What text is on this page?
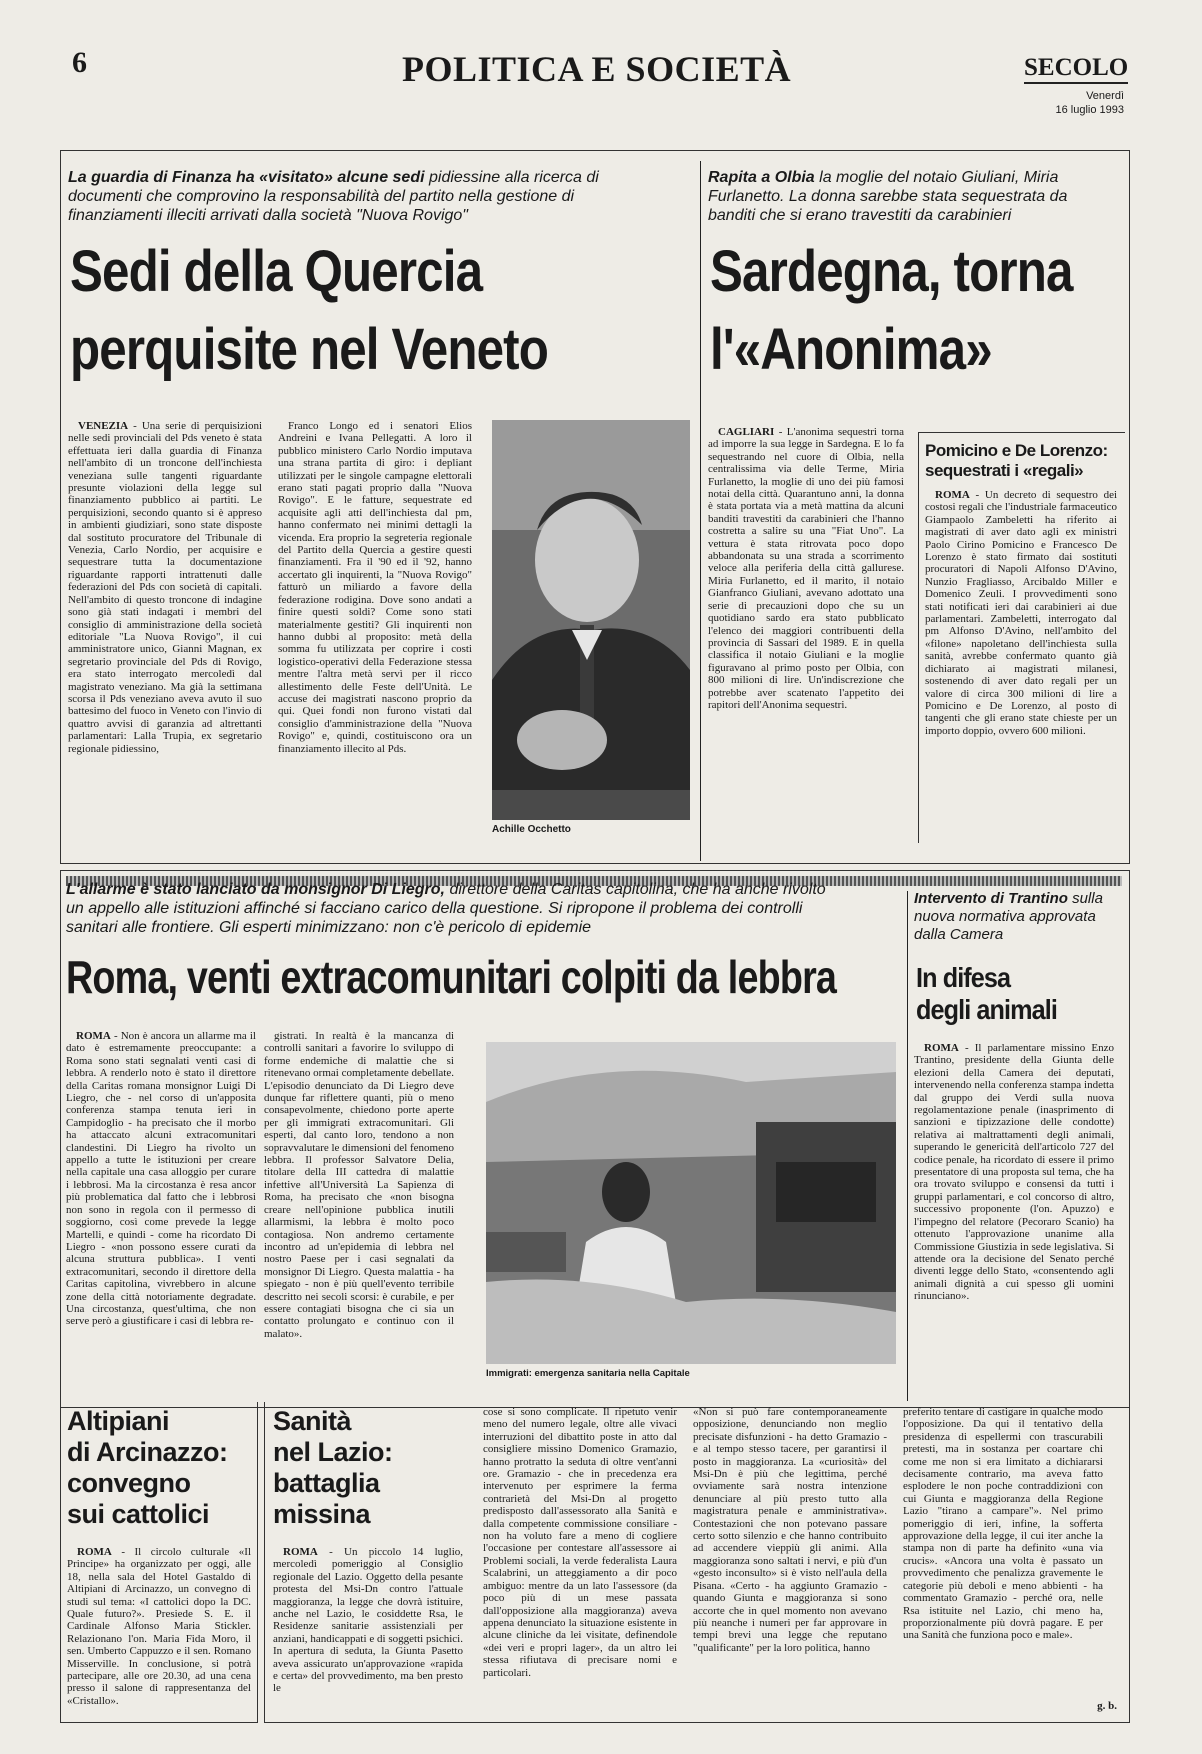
6	POLITICA E SOCIETÀ	SECOLO
Venerdì
16 luglio 1993
La guardia di Finanza ha «visitato» alcune sedi pidiessine alla ricerca di documenti che comprovino la responsabilità del partito nella gestione di finanziamenti illeciti arrivati dalla società "Nuova Rovigo"
Sedi della Quercia
perquisite nel Veneto

VENEZIA - Una serie di perquisizioni nelle sedi provinciali del Pds veneto è stata effettuata ieri dalla guardia di Finanza nell'ambito di un troncone dell'inchiesta veneziana sulle tangenti riguardante presunte violazioni della legge sul finanziamento pubblico ai partiti. Le perquisizioni, secondo quanto si è appreso in ambienti giudiziari, sono state disposte dal sostituto procuratore del Tribunale di Venezia, Carlo Nordio, per acquisire e sequestrare tutta la documentazione riguardante rapporti intrattenuti dalle federazioni del Pds con società di capitali. Nell'ambito di questo troncone di indagine sono già stati indagati i membri del consiglio di amministrazione della società editoriale "La Nuova Rovigo", il cui amministratore unico, Gianni Magnan, ex segretario provinciale del Pds di Rovigo, era stato interrogato mercoledì dal magistrato veneziano. Ma già la settimana scorsa il Pds veneziano aveva avuto il suo battesimo del fuoco in Veneto con l'invio di quattro avvisi di garanzia ad altrettanti parlamentari: Lalla Trupia, ex segretario regionale pidiessino,

Franco Longo ed i senatori Elios Andreini e Ivana Pellegatti. A loro il pubblico ministero Carlo Nordio imputava una strana partita di giro: i depliant utilizzati per le singole campagne elettorali erano stati pagati proprio dalla "Nuova Rovigo". E le fatture, sequestrate ed acquisite agli atti dell'inchiesta dal pm, hanno confermato nei minimi dettagli la vicenda. Era proprio la segreteria regionale del Partito della Quercia a gestire questi finanziamenti. Fra il '90 ed il '92, hanno accertato gli inquirenti, la "Nuova Rovigo" fatturò un miliardo a favore della federazione rodigina. Dove sono andati a finire questi soldi? Come sono stati materialmente gestiti? Gli inquirenti non hanno dubbi al proposito: metà della somma fu utilizzata per coprire i costi logistico-operativi della Federazione stessa mentre l'altra metà servì per il ricco allestimento delle Feste dell'Unità. Le accuse dei magistrati nascono proprio da qui. Quei fondi non furono vistati dal consiglio d'amministrazione della "Nuova Rovigo" e, quindi, costituiscono ora un finanziamento illecito al Pds.

Achille Occhetto
Rapita a Olbia la moglie del notaio Giuliani, Miria Furlanetto. La donna sarebbe stata sequestrata da banditi che si erano travestiti da carabinieri
Sardegna, torna
l'«Anonima»

CAGLIARI - L'anonima sequestri torna ad imporre la sua legge in Sardegna. E lo fa sequestrando nel cuore di Olbia, nella centralissima via delle Terme, Miria Furlanetto, la moglie di uno dei più famosi notai della città. Quarantuno anni, la donna è stata portata via a metà mattina da alcuni banditi travestiti da carabinieri che l'hanno costretta a salire su una "Fiat Uno". La vettura è stata ritrovata poco dopo abbandonata su una strada a scorrimento veloce alla periferia della città gallurese. Miria Furlanetto, ed il marito, il notaio Gianfranco Giuliani, avevano adottato una serie di precauzioni dopo che su un quotidiano sardo era stato pubblicato l'elenco dei maggiori contribuenti della provincia di Sassari del 1989. E in quella classifica il notaio Giuliani e la moglie figuravano al primo posto per Olbia, con 800 milioni di lire. Un'indiscrezione che potrebbe aver scatenato l'appetito dei rapitori dell'Anonima sequestri.

Pomicino e De Lorenzo:
sequestrati i «regali»

ROMA - Un decreto di sequestro dei costosi regali che l'industriale farmaceutico Giampaolo Zambeletti ha riferito ai magistrati di aver dato agli ex ministri Paolo Cirino Pomicino e Francesco De Lorenzo è stato firmato dai sostituti procuratori di Napoli Alfonso D'Avino, Nunzio Fragliasso, Arcibaldo Miller e Domenico Zeuli. I provvedimenti sono stati notificati ieri dai carabinieri ai due parlamentari. Zambeletti, interrogato dal pm Alfonso D'Avino, nell'ambito del «filone» napoletano dell'inchiesta sulla sanità, avrebbe confermato quanto già dichiarato ai magistrati milanesi, sostenendo di aver dato regali per un valore di circa 300 milioni di lire a Pomicino e De Lorenzo, al posto di tangenti che gli erano state chieste per un importo doppio, ovvero 600 milioni.

L'allarme è stato lanciato da monsignor Di Liegro, direttore della Caritas capitolina, che ha anche rivolto un appello alle istituzioni affinché si facciano carico della questione. Si ripropone il problema dei controlli sanitari alle frontiere. Gli esperti minimizzano: non c'è pericolo di epidemie
Roma, venti extracomunitari colpiti da lebbra

ROMA - Non è ancora un allarme ma il dato è estremamente preoccupante: a Roma sono stati segnalati venti casi di lebbra. A renderlo noto è stato il direttore della Caritas romana monsignor Luigi Di Liegro, che - nel corso di un'apposita conferenza stampa tenuta ieri in Campidoglio - ha precisato che il morbo ha attaccato alcuni extracomunitari clandestini. Di Liegro ha rivolto un appello a tutte le istituzioni per creare nella capitale una casa alloggio per curare i lebbrosi. Ma la circostanza è resa ancor più problematica dal fatto che i lebbrosi non sono in regola con il permesso di soggiorno, così come prevede la legge Martelli, e quindi - come ha ricordato Di Liegro - «non possono essere curati da alcuna struttura pubblica». I venti extracomunitari, secondo il direttore della Caritas capitolina, vivrebbero in alcune zone della città notoriamente degradate. Una circostanza, quest'ultima, che non serve però a giustificare i casi di lebbra re-

gistrati. In realtà è la mancanza di controlli sanitari a favorire lo sviluppo di forme endemiche di malattie che si ritenevano ormai completamente debellate. L'episodio denunciato da Di Liegro deve dunque far riflettere quanti, più o meno consapevolmente, chiedono porte aperte per gli immigrati extracomunitari. Gli esperti, dal canto loro, tendono a non sopravvalutare le dimensioni del fenomeno lebbra. Il professor Salvatore Delia, titolare della III cattedra di malattie infettive all'Università La Sapienza di Roma, ha precisato che «non bisogna creare nell'opinione pubblica inutili allarmismi, la lebbra è molto poco contagiosa. Non andremo certamente incontro ad un'epidemia di lebbra nel nostro Paese per i casi segnalati da monsignor Di Liegro. Questa malattia - ha spiegato - non è più quell'evento terribile descritto nei secoli scorsi: è curabile, e per essere contagiati bisogna che ci sia un contatto prolungato e continuo con il malato».

Immigrati: emergenza sanitaria nella Capitale
Intervento di Trantino sulla nuova normativa approvata dalla Camera
In difesa
degli animali

ROMA - Il parlamentare missino Enzo Trantino, presidente della Giunta delle elezioni della Camera dei deputati, intervenendo nella conferenza stampa indetta dal gruppo dei Verdi sulla nuova regolamentazione penale (inasprimento di sanzioni e tipizzazione delle condotte) relativa ai maltrattamenti degli animali, superando le genericità dell'articolo 727 del codice penale, ha ricordato di essere il primo presentatore di una proposta sul tema, che ha ora trovato sviluppo e consensi da tutti i gruppi parlamentari, e col concorso di altro, successivo proponente (l'on. Apuzzo) e l'impegno del relatore (Pecoraro Scanio) ha ottenuto l'approvazione unanime alla Commissione Giustizia in sede legislativa. Si attende ora la decisione del Senato perché diventi legge dello Stato, «consentendo agli animali dignità a cui spesso gli uomini rinunciano».

Altipiani
di Arcinazzo:
convegno
sui cattolici

ROMA - Il circolo culturale «Il Principe» ha organizzato per oggi, alle 18, nella sala del Hotel Gastaldo di Altipiani di Arcinazzo, un convegno di studi sul tema: «I cattolici dopo la DC. Quale futuro?». Presiede S. E. il Cardinale Alfonso Maria Stickler. Relazionano l'on. Maria Fida Moro, il sen. Umberto Cappuzzo e il sen. Romano Misserville. In conclusione, si potrà partecipare, alle ore 20.30, ad una cena presso il salone di rappresentanza del «Cristallo».

Sanità
nel Lazio:
battaglia
missina

ROMA - Un piccolo 14 luglio, mercoledì pomeriggio al Consiglio regionale del Lazio. Oggetto della pesante protesta del Msi-Dn contro l'attuale maggioranza, la legge che dovrà istituire, anche nel Lazio, le cosiddette Rsa, le Residenze sanitarie assistenziali per anziani, handicappati e di soggetti psichici. In apertura di seduta, la Giunta Pasetto aveva assicurato un'approvazione «rapida e certa» del provvedimento, ma ben presto le

cose si sono complicate. Il ripetuto venir meno del numero legale, oltre alle vivaci interruzioni del dibattito poste in atto dal consigliere missino Domenico Gramazio, hanno protratto la seduta di oltre vent'anni ore. Gramazio - che in precedenza era intervenuto per esprimere la ferma contrarietà del Msi-Dn al progetto predisposto dall'assessorato alla Sanità e dalla competente commissione consiliare - non ha voluto fare a meno di cogliere l'occasione per contestare all'assessore ai Problemi sociali, la verde federalista Laura Scalabrini, un atteggiamento a dir poco ambiguo: mentre da un lato l'assessore (da poco più di un mese passata dall'opposizione alla maggioranza) aveva appena denunciato la situazione esistente in alcune cliniche da lei visitate, definendole «dei veri e propri lager», da un altro lei stessa rifiutava di precisare nomi e particolari.

«Non si può fare contemporaneamente opposizione, denunciando non meglio precisate disfunzioni - ha detto Gramazio - e al tempo stesso tacere, per garantirsi il posto in maggioranza. La «curiosità» del Msi-Dn è più che legittima, perché ovviamente sarà nostra intenzione denunciare al più presto tutto alla magistratura penale e amministrativa». Contestazioni che non potevano passare certo sotto silenzio e che hanno contribuito ad accendere vieppiù gli animi. Alla maggioranza sono saltati i nervi, e più d'un «gesto inconsulto» si è visto nell'aula della Pisana. «Certo - ha aggiunto Gramazio - quando Giunta e maggioranza si sono accorte che in quel momento non avevano più neanche i numeri per far approvare in tempi brevi una legge che reputano "qualificante" per la loro politica, hanno

preferito tentare di castigare in qualche modo l'opposizione. Da qui il tentativo della presidenza di espellermi con trascurabili pretesti, ma in sostanza per coartare chi come me non si era limitato a dichiararsi decisamente contrario, ma aveva fatto esplodere le non poche contraddizioni con cui Giunta e maggioranza della Regione Lazio "tirano a campare"». Nel primo pomeriggio di ieri, infine, la sofferta approvazione della legge, il cui iter anche la stampa non di parte ha definito «una via crucis». «Ancora una volta è passato un provvedimento che penalizza gravemente le categorie più deboli e meno abbienti - ha commentato Gramazio - perché ora, nelle Rsa istituite nel Lazio, chi meno ha, proporzionalmente più dovrà pagare. E per una Sanità che funziona poco e male».

g. b.
